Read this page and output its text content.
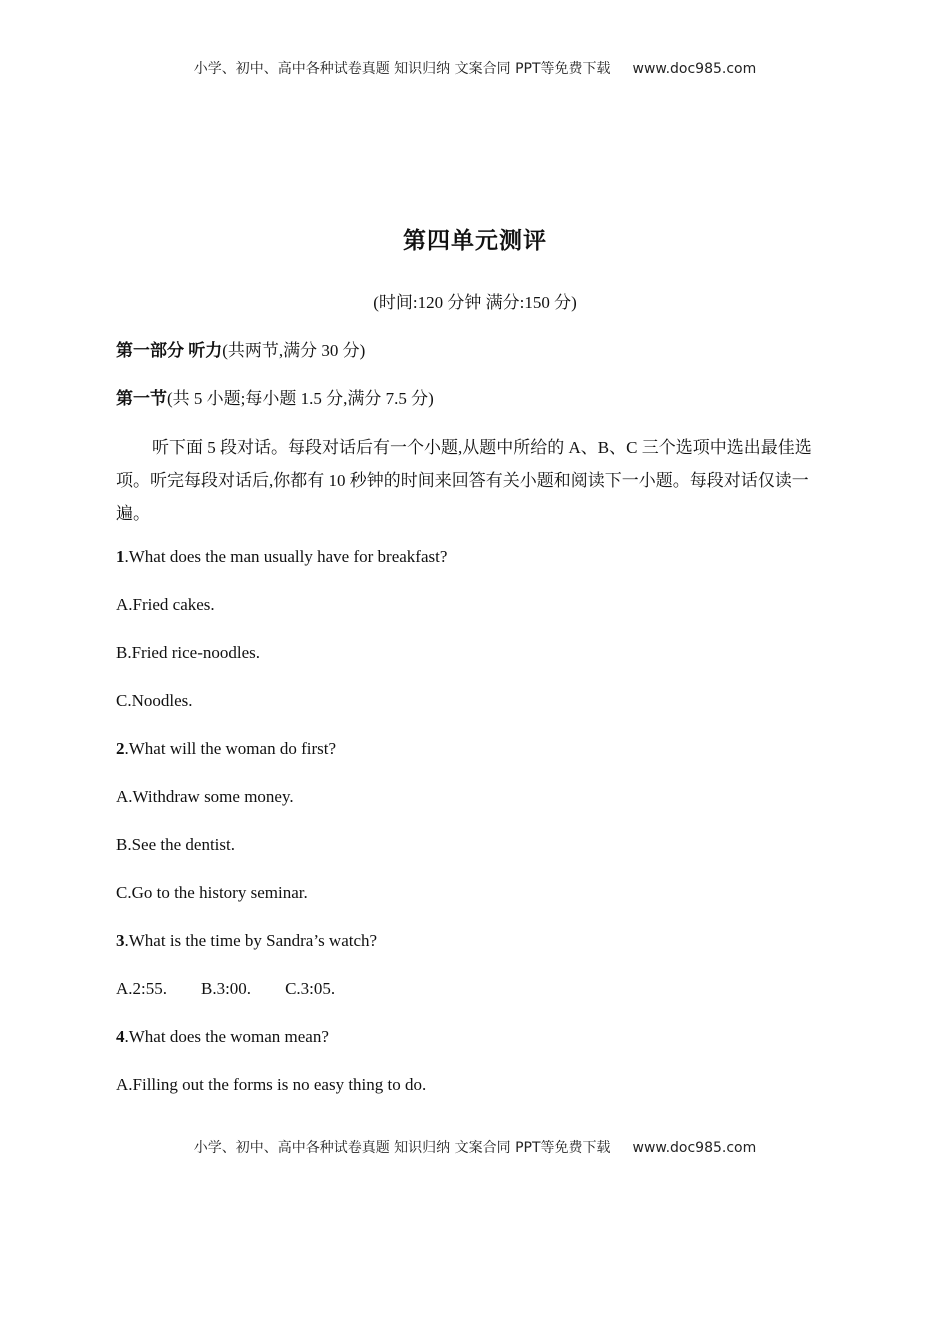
小学、初中、高中各种试卷真题 知识归纳 文案合同 PPT等免费下载 www.doc985.com
第四单元测评
(时间:120 分钟 满分:150 分)
第一部分 听力(共两节,满分 30 分)
第一节(共 5 小题;每小题 1.5 分,满分 7.5 分)
听下面 5 段对话。每段对话后有一个小题,从题中所给的 A、B、C 三个选项中选出最佳选项。听完每段对话后,你都有 10 秒钟的时间来回答有关小题和阅读下一小题。每段对话仅读一遍。
1.What does the man usually have for breakfast?
A.Fried cakes.
B.Fried rice-noodles.
C.Noodles.
2.What will the woman do first?
A.Withdraw some money.
B.See the dentist.
C.Go to the history seminar.
3.What is the time by Sandra’s watch?
A.2:55. B.3:00. C.3:05.
4.What does the woman mean?
A.Filling out the forms is no easy thing to do.
小学、初中、高中各种试卷真题 知识归纳 文案合同 PPT等免费下载 www.doc985.com
